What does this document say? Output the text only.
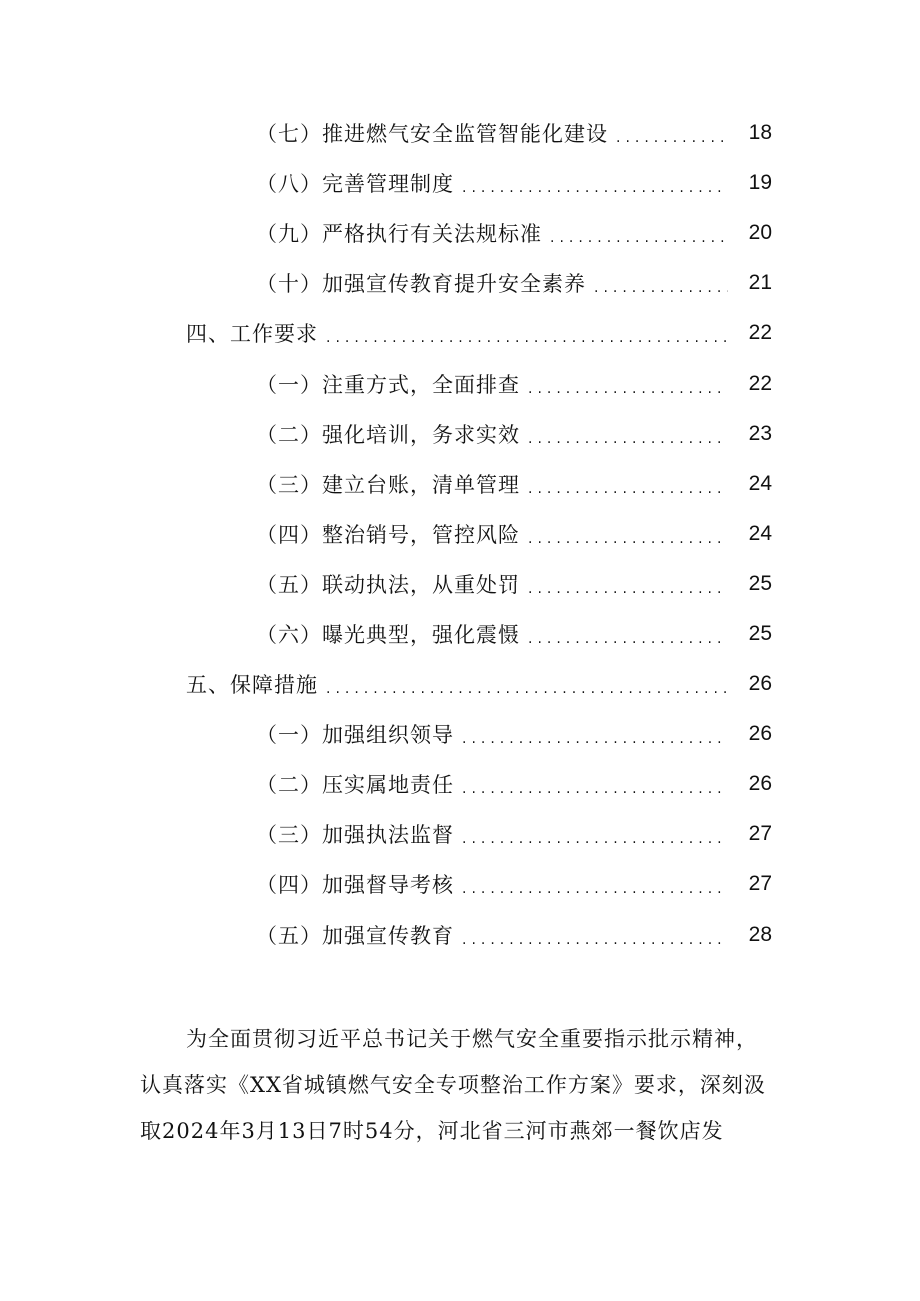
（七）推进燃气安全监管智能化建设 .....	18
（八）完善管理制度 .....	19
（九）严格执行有关法规标准 .....	20
（十）加强宣传教育提升安全素养 .....	21
四、工作要求 .....	22
（一）注重方式，全面排查 .....	22
（二）强化培训，务求实效 .....	23
（三）建立台账，清单管理 .....	24
（四）整治销号，管控风险 .....	24
（五）联动执法，从重处罚 .....	25
（六）曝光典型，强化震慑 .....	25
五、保障措施 .....	26
（一）加强组织领导 .....	26
（二）压实属地责任 .....	26
（三）加强执法监督 .....	27
（四）加强督导考核 .....	27
（五）加强宣传教育 .....	28

为全面贯彻习近平总书记关于燃气安全重要指示批示精神，

认真落实《XX省城镇燃气安全专项整治工作方案》要求，深刻汲

取2024年3月13日7时54分，河北省三河市燕郊一餐饮店发
